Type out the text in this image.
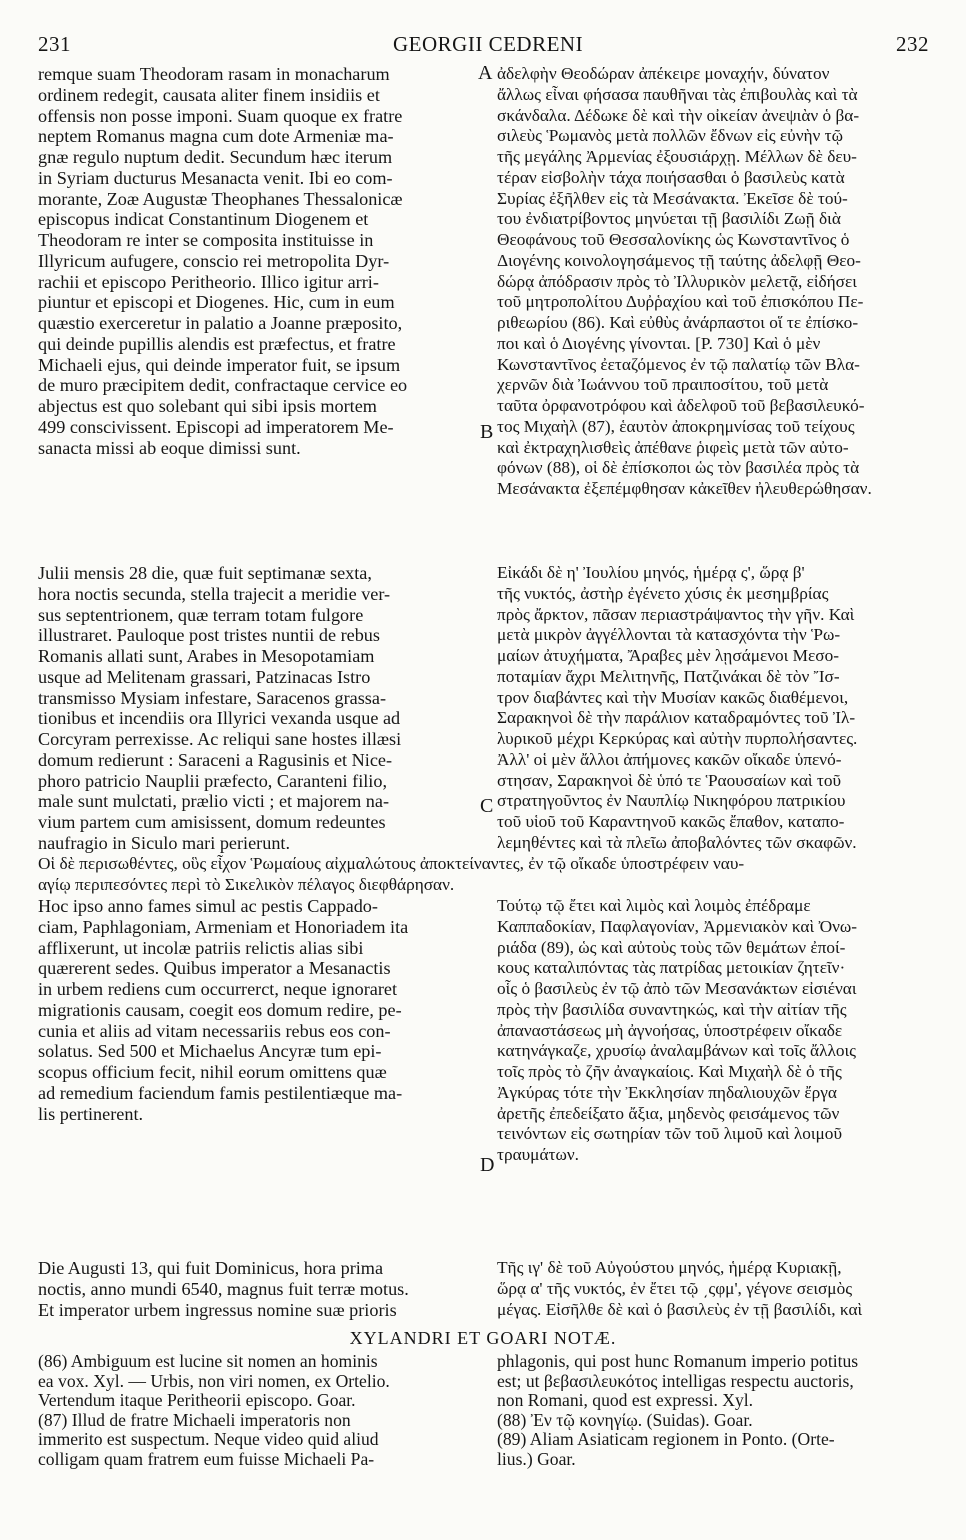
231	GEORGII CEDRENI	232
A
B
C
D
remque suam Theodoram rasam in monacharum
ordinem redegit, causata aliter finem insidiis et
offensis non posse imponi. Suam quoque ex fratre
neptem Romanus magna cum dote Armeniæ ma-
gnæ regulo nuptum dedit. Secundum hæc iterum
in Syriam ducturus Mesanacta venit. Ibi eo com-
morante, Zoæ Augustæ Theophanes Thessalonicæ
episcopus indicat Constantinum Diogenem et
Theodoram re inter se composita instituisse in
Illyricum aufugere, conscio rei metropolita Dyr-
rachii et episcopo Peritheorio. Illico igitur arri-
piuntur et episcopi et Diogenes. Hic, cum in eum
quæstio exerceretur in palatio a Joanne præposito,
qui deinde pupillis alendis est præfectus, et fratre
Michaeli ejus, qui deinde imperator fuit, se ipsum
de muro præcipitem dedit, confractaque cervice eo
abjectus est quo solebant qui sibi ipsis mortem
499 conscivissent. Episcopi ad imperatorem Me-
sanacta missi ab eoque dimissi sunt.
ἀδελφὴν Θεοδώραν ἀπέκειρε μοναχήν, δύνατον
ἄλλως εἶναι φήσασα παυθῆναι τὰς ἐπιβουλὰς καὶ τὰ
σκάνδαλα. Δέδωκε δὲ καὶ τὴν οἰκείαν ἀνεψιὰν ὁ βα-
σιλεὺς Ῥωμανὸς μετὰ πολλῶν ἔδνων εἰς εὐνὴν τῷ
τῆς μεγάλης Ἀρμενίας ἐξουσιάρχῃ. Μέλλων δὲ δευ-
τέραν εἰσβολὴν τάχα ποιήσασθαι ὁ βασιλεὺς κατὰ
Συρίας ἐξῆλθεν εἰς τὰ Μεσάνακτα. Ἐκεῖσε δὲ τού-
του ἐνδιατρίβοντος μηνύεται τῇ βασιλίδι Ζωῇ διὰ
Θεοφάνους τοῦ Θεσσαλονίκης ὡς Κωνσταντῖνος ὁ
Διογένης κοινολογησάμενος τῇ ταύτης ἀδελφῇ Θεο-
δώρᾳ ἀπόδρασιν πρὸς τὸ Ἰλλυρικὸν μελετᾷ, εἰδήσει
τοῦ μητροπολίτου Δυῤῥαχίου καὶ τοῦ ἐπισκόπου Πε-
ριθεωρίου (86). Καὶ εὐθὺς ἀνάρπαστοι οἵ τε ἐπίσκο-
ποι καὶ ὁ Διογένης γίνονται. [P. 730] Καὶ ὁ μὲν
Κωνσταντῖνος ἐεταζόμενος ἐν τῷ παλατίῳ τῶν Βλα-
χερνῶν διὰ Ἰωάννου τοῦ πραιποσίτου, τοῦ μετὰ
ταῦτα ὀρφανοτρόφου καὶ ἀδελφοῦ τοῦ βεβασιλευκό-
τος Μιχαὴλ (87), ἑαυτὸν ἀποκρημνίσας τοῦ τείχους
καὶ ἐκτραχηλισθεὶς ἀπέθανε ῥιφεὶς μετὰ τῶν αὐτο-
φόνων (88), οἱ δὲ ἐπίσκοποι ὡς τὸν βασιλέα πρὸς τὰ
Μεσάνακτα ἐξεπέμφθησαν κἀκεῖθεν ἠλευθερώθησαν.
Julii mensis 28 die, quæ fuit septimanæ sexta,
hora noctis secunda, stella trajecit a meridie ver-
sus septentrionem, quæ terram totam fulgore
illustraret. Pauloque post tristes nuntii de rebus
Romanis allati sunt, Arabes in Mesopotamiam
usque ad Melitenam grassari, Patzinacas Istro
transmisso Mysiam infestare, Saracenos grassa-
tionibus et incendiis ora Illyrici vexanda usque ad
Corcyram perrexisse. Ac reliqui sane hostes illæsi
domum redierunt : Saraceni a Ragusinis et Nice-
phoro patricio Nauplii præfecto, Caranteni filio,
male sunt mulctati, prælio victi ; et majorem na-
vium partem cum amisissent, domum redeuntes
naufragio in Siculo mari perierunt.
Εἰκάδι δὲ η' Ἰουλίου μηνός, ἡμέρᾳ ς', ὥρᾳ β'
τῆς νυκτός, ἀστὴρ ἐγένετο χύσις ἐκ μεσημβρίας
πρὸς ἄρκτον, πᾶσαν περιαστράψαντος τὴν γῆν. Καὶ
μετὰ μικρὸν ἀγγέλλονται τὰ κατασχόντα τὴν Ῥω-
μαίων ἀτυχήματα, Ἄραβες μὲν λῃσάμενοι Μεσο-
ποταμίαν ἄχρι Μελιτηνῆς, Πατζινάκαι δὲ τὸν Ἴσ-
τρον διαβάντες καὶ τὴν Μυσίαν κακῶς διαθέμενοι,
Σαρακηνοὶ δὲ τὴν παράλιον καταδραμόντες τοῦ Ἰλ-
λυρικοῦ μέχρι Κερκύρας καὶ αὐτὴν πυρπολήσαντες.
Ἀλλ' οἱ μὲν ἄλλοι ἀπήμονες κακῶν οἴκαδε ὑπενό-
στησαν, Σαρακηνοὶ δὲ ὑπό τε Ῥαουσαίων καὶ τοῦ
στρατηγοῦντος ἐν Ναυπλίῳ Νικηφόρου πατρικίου
τοῦ υἱοῦ τοῦ Καραντηνοῦ κακῶς ἔπαθον, καταπο-
λεμηθέντες καὶ τὰ πλεῖω ἀποβαλόντες τῶν σκαφῶν.
Οἱ δὲ περισωθέντες, οὓς εἶχον Ῥωμαίους αἰχμαλώτους ἀποκτείναντες, ἐν τῷ οἴκαδε ὑποστρέφειν ναυ-
αγίῳ περιπεσόντες περὶ τὸ Σικελικὸν πέλαγος διεφθάρησαν.
Hoc ipso anno fames simul ac pestis Cappado-
ciam, Paphlagoniam, Armeniam et Honoriadem ita
afflixerunt, ut incolæ patriis relictis alias sibi
quærerent sedes. Quibus imperator a Mesanactis
in urbem rediens cum occurrerct, neque ignoraret
migrationis causam, coegit eos domum redire, pe-
cunia et aliis ad vitam necessariis rebus eos con-
solatus. Sed 500 et Michaelus Ancyræ tum epi-
scopus officium fecit, nihil eorum omittens quæ
ad remedium faciendum famis pestilentiæque ma-
lis pertinerent.
Τούτῳ τῷ ἔτει καὶ λιμὸς καὶ λοιμὸς ἐπέδραμε
Καππαδοκίαν, Παφλαγονίαν, Ἀρμενιακὸν καὶ Ὀνω-
ριάδα (89), ὡς καὶ αὐτοὺς τοὺς τῶν θεμάτων ἐποί-
κους καταλιπόντας τὰς πατρίδας μετοικίαν ζητεῖν·
οἷς ὁ βασιλεὺς ἐν τῷ ἀπὸ τῶν Μεσανάκτων εἰσιέναι
πρὸς τὴν βασιλίδα συναντηκώς, καὶ τὴν αἰτίαν τῆς
ἀπαναστάσεως μὴ ἀγνοήσας, ὑποστρέφειν οἴκαδε
κατηνάγκαζε, χρυσίῳ ἀναλαμβάνων καὶ τοῖς ἄλλοις
τοῖς πρὸς τὸ ζῆν ἀναγκαίοις. Καὶ Μιχαὴλ δὲ ὁ τῆς
Ἀγκύρας τότε τὴν Ἐκκλησίαν πηδαλιουχῶν ἔργα
ἀρετῆς ἐπεδείξατο ἄξια, μηδενὸς φεισάμενος τῶν
τεινόντων εἰς σωτηρίαν τῶν τοῦ λιμοῦ καὶ λοιμοῦ
τραυμάτων.
Die Augusti 13, qui fuit Dominicus, hora prima
noctis, anno mundi 6540, magnus fuit terræ motus.
Et imperator urbem ingressus nomine suæ prioris
Τῆς ιγ' δὲ τοῦ Αὐγούστου μηνός, ἡμέρᾳ Κυριακῇ,
ὥρᾳ α' τῆς νυκτός, ἐν ἔτει τῷ ͵ςφμ', γέγονε σεισμὸς
μέγας. Εἰσῆλθε δὲ καὶ ὁ βασιλεὺς ἐν τῇ βασιλίδι, καὶ
XYLANDRI ET GOARI NOTÆ.
(86) Ambiguum est lucine sit nomen an hominis
ea vox. Xyl. — Urbis, non viri nomen, ex Ortelio.
Vertendum itaque Peritheorii episcopo. Goar.
(87) Illud de fratre Michaeli imperatoris non
immerito est suspectum. Neque video quid aliud
colligam quam fratrem eum fuisse Michaeli Pa-
phlagonis, qui post hunc Romanum imperio potitus
est; ut βεβασιλευκότος intelligas respectu auctoris,
non Romani, quod est expressi. Xyl.
(88) Ἐν τῷ κονηγίῳ. (Suidas). Goar.
(89) Aliam Asiaticam regionem in Ponto. (Orte-
lius.) Goar.
